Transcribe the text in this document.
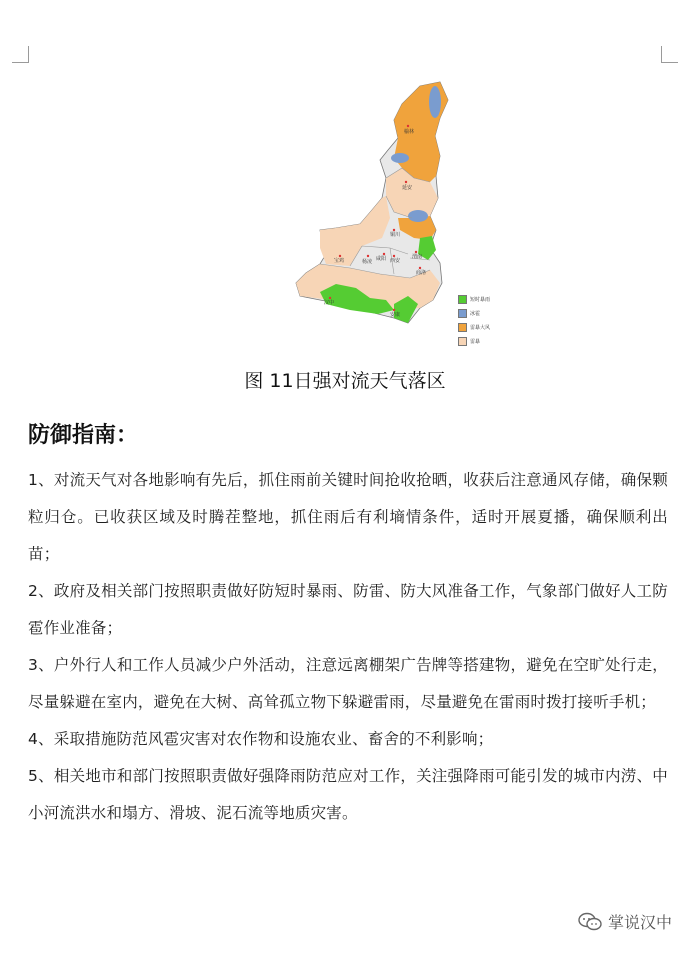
榆林
延安
铜川
宝鸡	杨凌 咸阳 西安
渭南
商洛
汉中
安康
短时暴雨
冰雹
雷暴大风
雷暴
图 11日强对流天气落区
防御指南：

1、对流天气对各地影响有先后，抓住雨前关键时间抢收抢晒，收获后注意通风存储，确保颗粒归仓。已收获区域及时腾茬整地，抓住雨后有利墒情条件，适时开展夏播，确保顺利出苗；

2、政府及相关部门按照职责做好防短时暴雨、防雷、防大风准备工作，气象部门做好人工防雹作业准备；

3、户外行人和工作人员减少户外活动，注意远离棚架广告牌等搭建物，避免在空旷处行走，尽量躲避在室内，避免在大树、高耸孤立物下躲避雷雨，尽量避免在雷雨时拨打接听手机；

4、采取措施防范风雹灾害对农作物和设施农业、畜舍的不利影响；

5、相关地市和部门按照职责做好强降雨防范应对工作，关注强降雨可能引发的城市内涝、中小河流洪水和塌方、滑坡、泥石流等地质灾害。

掌说汉中
